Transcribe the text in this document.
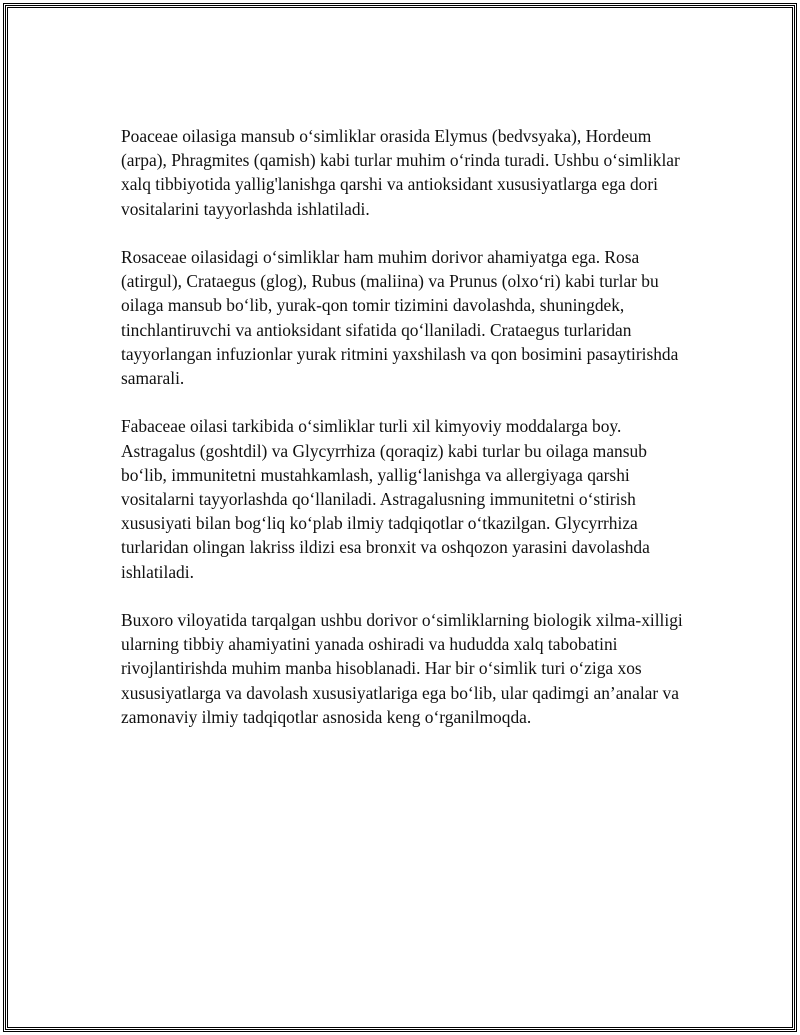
Poaceae oilasiga mansub o‘simliklar orasida Elymus (bedvsyaka), Hordeum (arpa), Phragmites (qamish) kabi turlar muhim o‘rinda turadi. Ushbu o‘simliklar xalq tibbiyotida yallig'lanishga qarshi va antioksidant xususiyatlarga ega dori vositalarini tayyorlashda ishlatiladi.

Rosaceae oilasidagi o‘simliklar ham muhim dorivor ahamiyatga ega. Rosa (atirgul), Crataegus (glog), Rubus (maliina) va Prunus (olxo‘ri) kabi turlar bu oilaga mansub bo‘lib, yurak-qon tomir tizimini davolashda, shuningdek, tinchlantiruvchi va antioksidant sifatida qo‘llaniladi. Crataegus turlaridan tayyorlangan infuzionlar yurak ritmini yaxshilash va qon bosimini pasaytirishda samarali.

Fabaceae oilasi tarkibida o‘simliklar turli xil kimyoviy moddalarga boy. Astragalus (goshtdil) va Glycyrrhiza (qoraqiz) kabi turlar bu oilaga mansub bo‘lib, immunitetni mustahkamlash, yallig‘lanishga va allergiyaga qarshi vositalarni tayyorlashda qo‘llaniladi. Astragalusning immunitetni o‘stirish xususiyati bilan bog‘liq ko‘plab ilmiy tadqiqotlar o‘tkazilgan. Glycyrrhiza turlaridan olingan lakriss ildizi esa bronxit va oshqozon yarasini davolashda ishlatiladi.

Buxoro viloyatida tarqalgan ushbu dorivor o‘simliklarning biologik xilma-xilligi ularning tibbiy ahamiyatini yanada oshiradi va hududda xalq tabobatini rivojlantirishda muhim manba hisoblanadi. Har bir o‘simlik turi o‘ziga xos xususiyatlarga va davolash xususiyatlariga ega bo‘lib, ular qadimgi an’analar va zamonaviy ilmiy tadqiqotlar asnosida keng o‘rganilmoqda.
